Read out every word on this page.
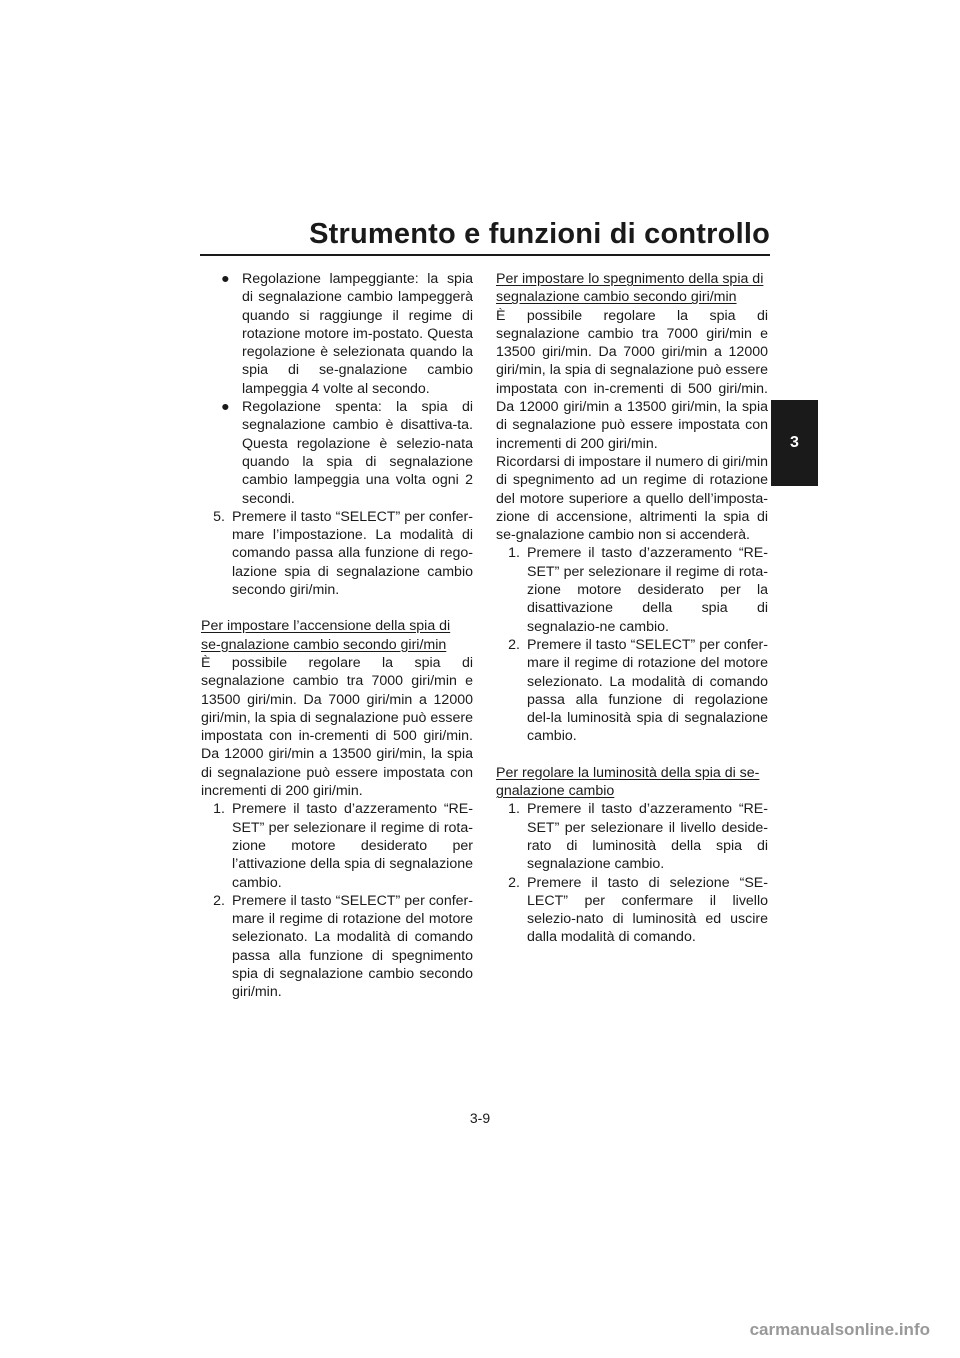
Strumento e funzioni di controllo
3

● Regolazione lampeggiante: la spia di segnalazione cambio lampeggerà quando si raggiunge il regime di rotazione motore im-postato. Questa regolazione è selezionata quando la spia di se-gnalazione cambio lampeggia 4 volte al secondo.

● Regolazione spenta: la spia di segnalazione cambio è disattiva-ta. Questa regolazione è selezio-nata quando la spia di segnalazione cambio lampeggia una volta ogni 2 secondi.

5. Premere il tasto “SELECT” per confer-mare l’impostazione. La modalità di comando passa alla funzione di rego-lazione spia di segnalazione cambio secondo giri/min.

Per impostare l’accensione della spia di se-gnalazione cambio secondo giri/min

È possibile regolare la spia di segnalazione cambio tra 7000 giri/min e 13500 giri/min. Da 7000 giri/min a 12000 giri/min, la spia di segnalazione può essere impostata con in-crementi di 500 giri/min. Da 12000 giri/min a 13500 giri/min, la spia di segnalazione può essere impostata con incrementi di 200 giri/min.

1. Premere il tasto d’azzeramento “RE-SET” per selezionare il regime di rota-zione motore desiderato per l’attivazione della spia di segnalazione cambio.

2. Premere il tasto “SELECT” per confer-mare il regime di rotazione del motore selezionato. La modalità di comando passa alla funzione di spegnimento spia di segnalazione cambio secondo giri/min.

Per impostare lo spegnimento della spia di segnalazione cambio secondo giri/min

È possibile regolare la spia di segnalazione cambio tra 7000 giri/min e 13500 giri/min. Da 7000 giri/min a 12000 giri/min, la spia di segnalazione può essere impostata con in-crementi di 500 giri/min. Da 12000 giri/min a 13500 giri/min, la spia di segnalazione può essere impostata con incrementi di 200 giri/min.

Ricordarsi di impostare il numero di giri/min di spegnimento ad un regime di rotazione del motore superiore a quello dell’imposta-zione di accensione, altrimenti la spia di se-gnalazione cambio non si accenderà.

1. Premere il tasto d’azzeramento “RE-SET” per selezionare il regime di rota-zione motore desiderato per la disattivazione della spia di segnalazio-ne cambio.

2. Premere il tasto “SELECT” per confer-mare il regime di rotazione del motore selezionato. La modalità di comando passa alla funzione di regolazione del-la luminosità spia di segnalazione cambio.

Per regolare la luminosità della spia di se-gnalazione cambio

1. Premere il tasto d’azzeramento “RE-SET” per selezionare il livello deside-rato di luminosità della spia di segnalazione cambio.

2. Premere il tasto di selezione “SE-LECT” per confermare il livello selezio-nato di luminosità ed uscire dalla modalità di comando.

3-9
carmanualsonline.info
